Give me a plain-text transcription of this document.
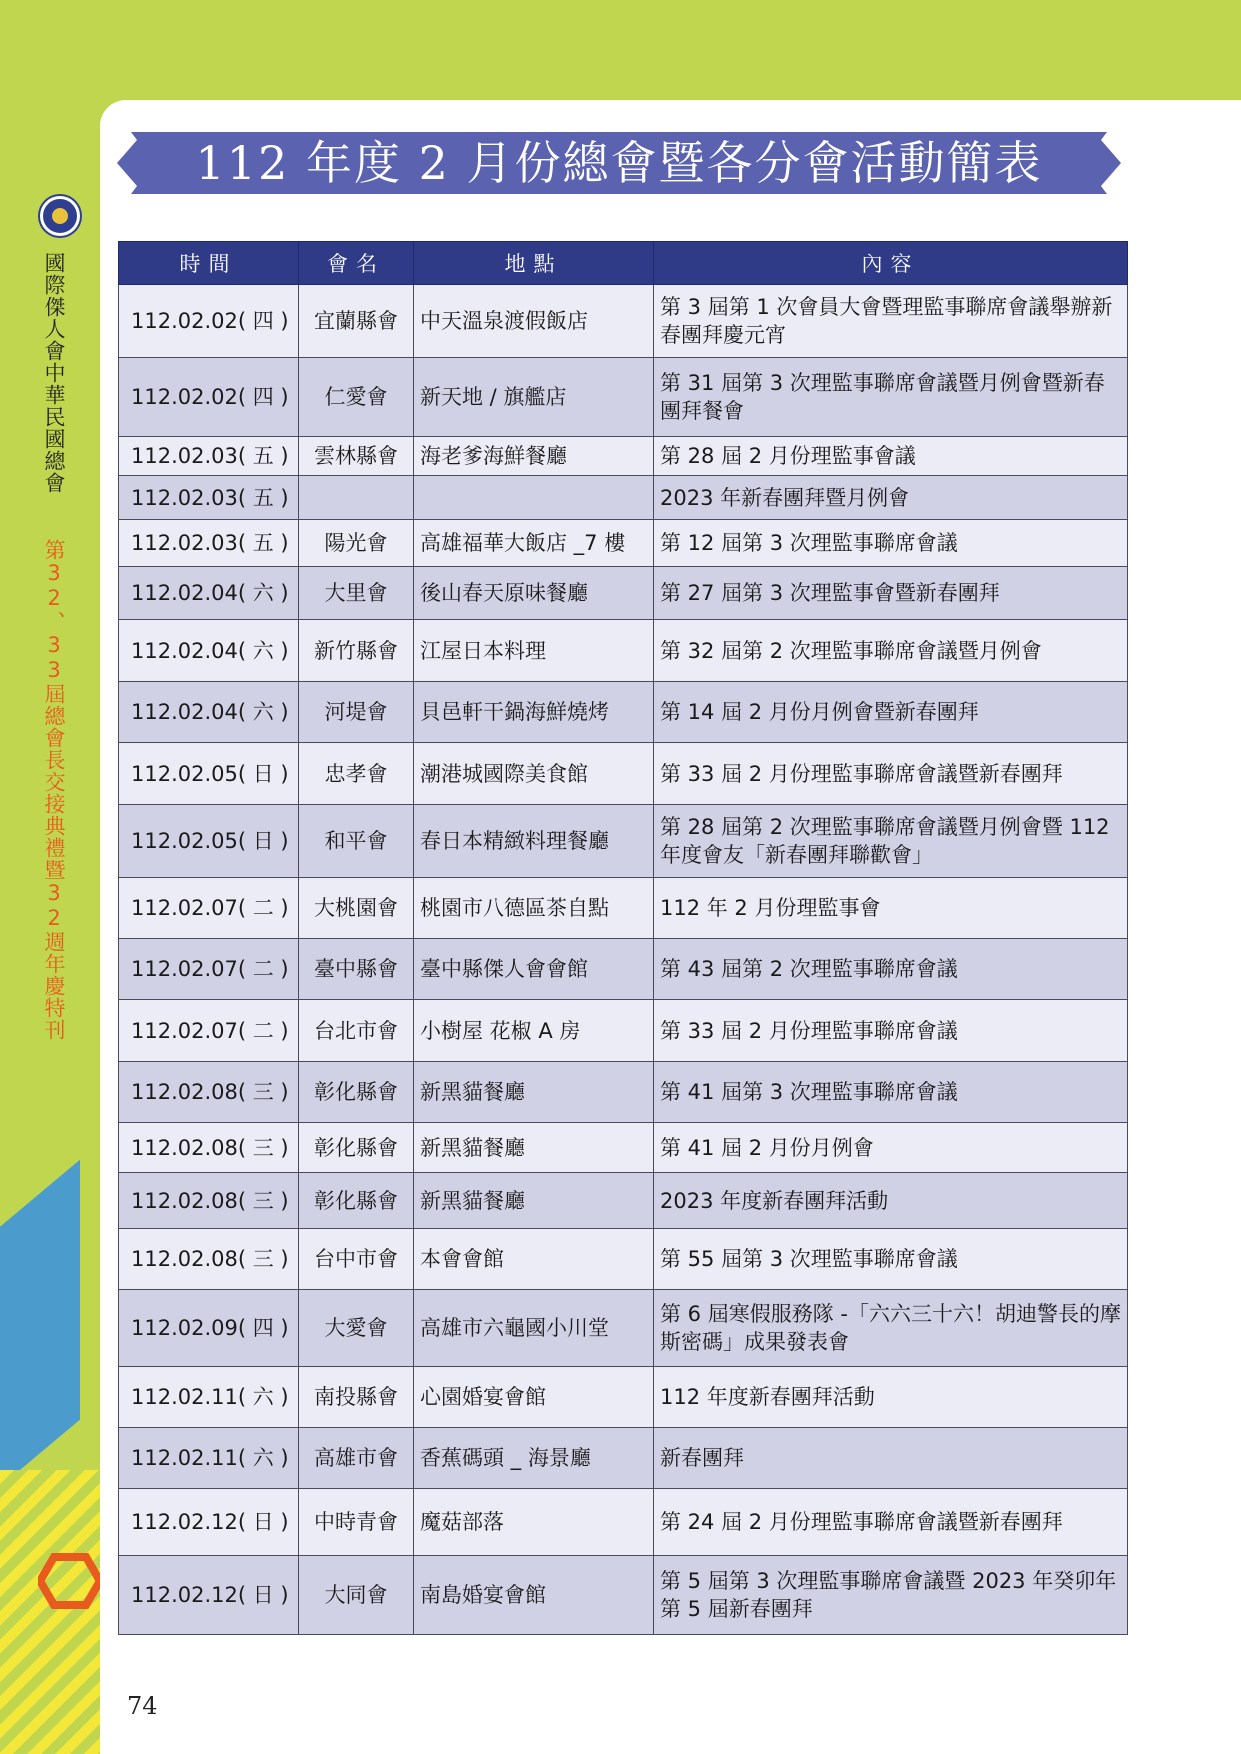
國際傑人會中華民國總會 第32、33屆總會長交接典禮暨32週年慶特刊
112 年度 2 月份總會暨各分會活動簡表
時間	會名	地點	內容
112.02.02( 四 )	宜蘭縣會	中天溫泉渡假飯店	第 3 屆第 1 次會員大會暨理監事聯席會議舉辦新春團拜慶元宵
112.02.02( 四 )	仁愛會	新天地 / 旗艦店	第 31 屆第 3 次理監事聯席會議暨月例會暨新春團拜餐會
112.02.03( 五 )	雲林縣會	海老爹海鮮餐廳	第 28 屆 2 月份理監事會議
112.02.03( 五 )			2023 年新春團拜暨月例會
112.02.03( 五 )	陽光會	高雄福華大飯店 _7 樓	第 12 屆第 3 次理監事聯席會議
112.02.04( 六 )	大里會	後山春天原味餐廳	第 27 屆第 3 次理監事會暨新春團拜
112.02.04( 六 )	新竹縣會	江屋日本料理	第 32 屆第 2 次理監事聯席會議暨月例會
112.02.04( 六 )	河堤會	貝邑軒干鍋海鮮燒烤	第 14 屆 2 月份月例會暨新春團拜
112.02.05( 日 )	忠孝會	潮港城國際美食館	第 33 屆 2 月份理監事聯席會議暨新春團拜
112.02.05( 日 )	和平會	春日本精緻料理餐廳	第 28 屆第 2 次理監事聯席會議暨月例會暨 112 年度會友「新春團拜聯歡會」
112.02.07( 二 )	大桃園會	桃園市八德區茶自點	112 年 2 月份理監事會
112.02.07( 二 )	臺中縣會	臺中縣傑人會會館	第 43 屆第 2 次理監事聯席會議
112.02.07( 二 )	台北市會	小樹屋 花椒 A 房	第 33 屆 2 月份理監事聯席會議
112.02.08( 三 )	彰化縣會	新黑貓餐廳	第 41 屆第 3 次理監事聯席會議
112.02.08( 三 )	彰化縣會	新黑貓餐廳	第 41 屆 2 月份月例會
112.02.08( 三 )	彰化縣會	新黑貓餐廳	2023 年度新春團拜活動
112.02.08( 三 )	台中市會	本會會館	第 55 屆第 3 次理監事聯席會議
112.02.09( 四 )	大愛會	高雄市六龜國小川堂	第 6 屆寒假服務隊 -「六六三十六！胡迪警長的摩斯密碼」成果發表會
112.02.11( 六 )	南投縣會	心園婚宴會館	112 年度新春團拜活動
112.02.11( 六 )	高雄市會	香蕉碼頭 _ 海景廳	新春團拜
112.02.12( 日 )	中時青會	魔菇部落	第 24 屆 2 月份理監事聯席會議暨新春團拜
112.02.12( 日 )	大同會	南島婚宴會館	第 5 屆第 3 次理監事聯席會議暨 2023 年癸卯年第 5 屆新春團拜
74
